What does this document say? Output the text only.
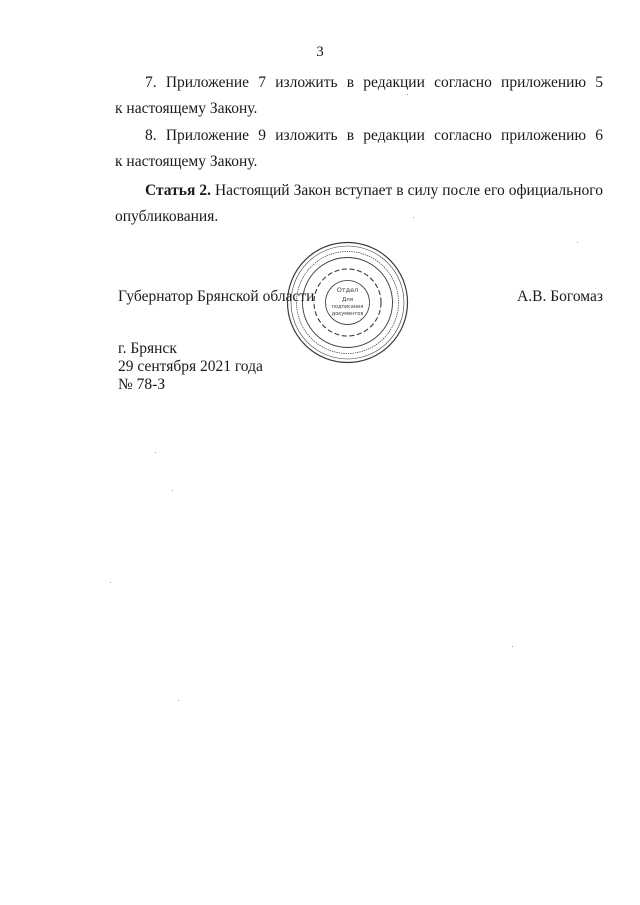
3
7. Приложение 7 изложить в редакции согласно приложению 5
к настоящему Закону.
8. Приложение 9 изложить в редакции согласно приложению 6
к настоящему Закону.
Статья 2. Настоящий Закон вступает в силу после его официального
опубликования.
Губернатор Брянской области	А.В. Богомаз
Отдел
Для
подписания
документов
г. Брянск
29 сентября 2021 года
№ 78-З
